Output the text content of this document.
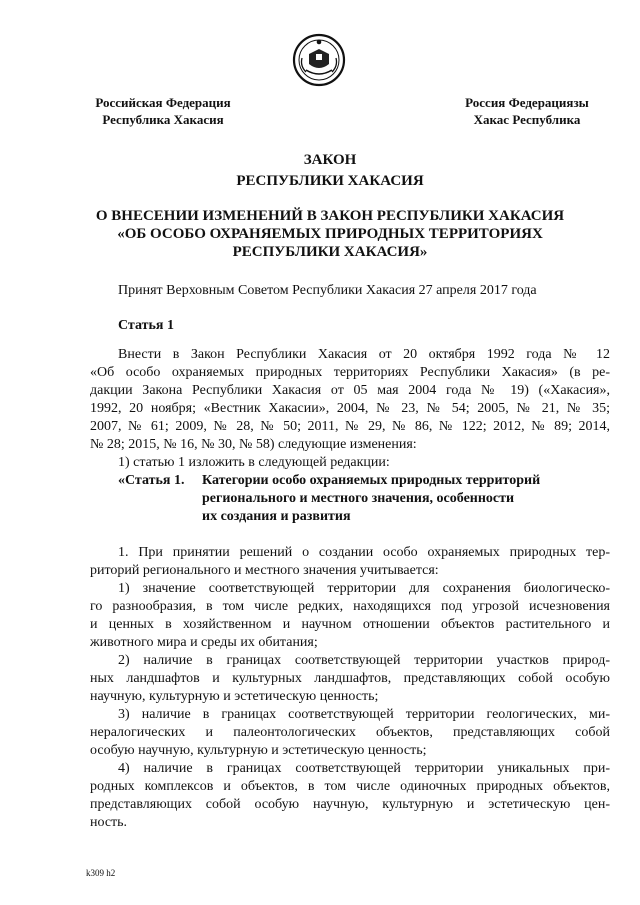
Российская Федерация
Республика Хакасия
Россия Федерациязы
Хакас Республика
ЗАКОН
РЕСПУБЛИКИ ХАКАСИЯ
О ВНЕСЕНИИ ИЗМЕНЕНИЙ В ЗАКОН РЕСПУБЛИКИ ХАКАСИЯ
«ОБ ОСОБО ОХРАНЯЕМЫХ ПРИРОДНЫХ ТЕРРИТОРИЯХ
РЕСПУБЛИКИ ХАКАСИЯ»
Принят Верховным Советом Республики Хакасия 27 апреля 2017 года
Статья 1

Внести в Закон Республики Хакасия от 20 октября 1992 года № 12

«Об особо охраняемых природных территориях Республики Хакасия» (в ре-

дакции Закона Республики Хакасия от 05 мая 2004 года № 19) («Хакасия»,

1992, 20 ноября; «Вестник Хакасии», 2004, № 23, № 54; 2005, № 21, № 35;

2007, № 61; 2009, № 28, № 50; 2011, № 29, № 86, № 122; 2012, № 89; 2014,

№ 28; 2015, № 16, № 30, № 58) следующие изменения:

1) статью 1 изложить в следующей редакции:
«Статья 1. Категории особо охраняемых природных территорий
регионального и местного значения, особенности
их создания и развития

1. При принятии решений о создании особо охраняемых природных тер-

риторий регионального и местного значения учитывается:

1) значение соответствующей территории для сохранения биологическо-

го разнообразия, в том числе редких, находящихся под угрозой исчезновения

и ценных в хозяйственном и научном отношении объектов растительного и

животного мира и среды их обитания;

2) наличие в границах соответствующей территории участков природ-

ных ландшафтов и культурных ландшафтов, представляющих собой особую

научную, культурную и эстетическую ценность;

3) наличие в границах соответствующей территории геологических, ми-

нералогических и палеонтологических объектов, представляющих собой

особую научную, культурную и эстетическую ценность;

4) наличие в границах соответствующей территории уникальных при-

родных комплексов и объектов, в том числе одиночных природных объектов,

представляющих собой особую научную, культурную и эстетическую цен-

ность.

k309 h2
